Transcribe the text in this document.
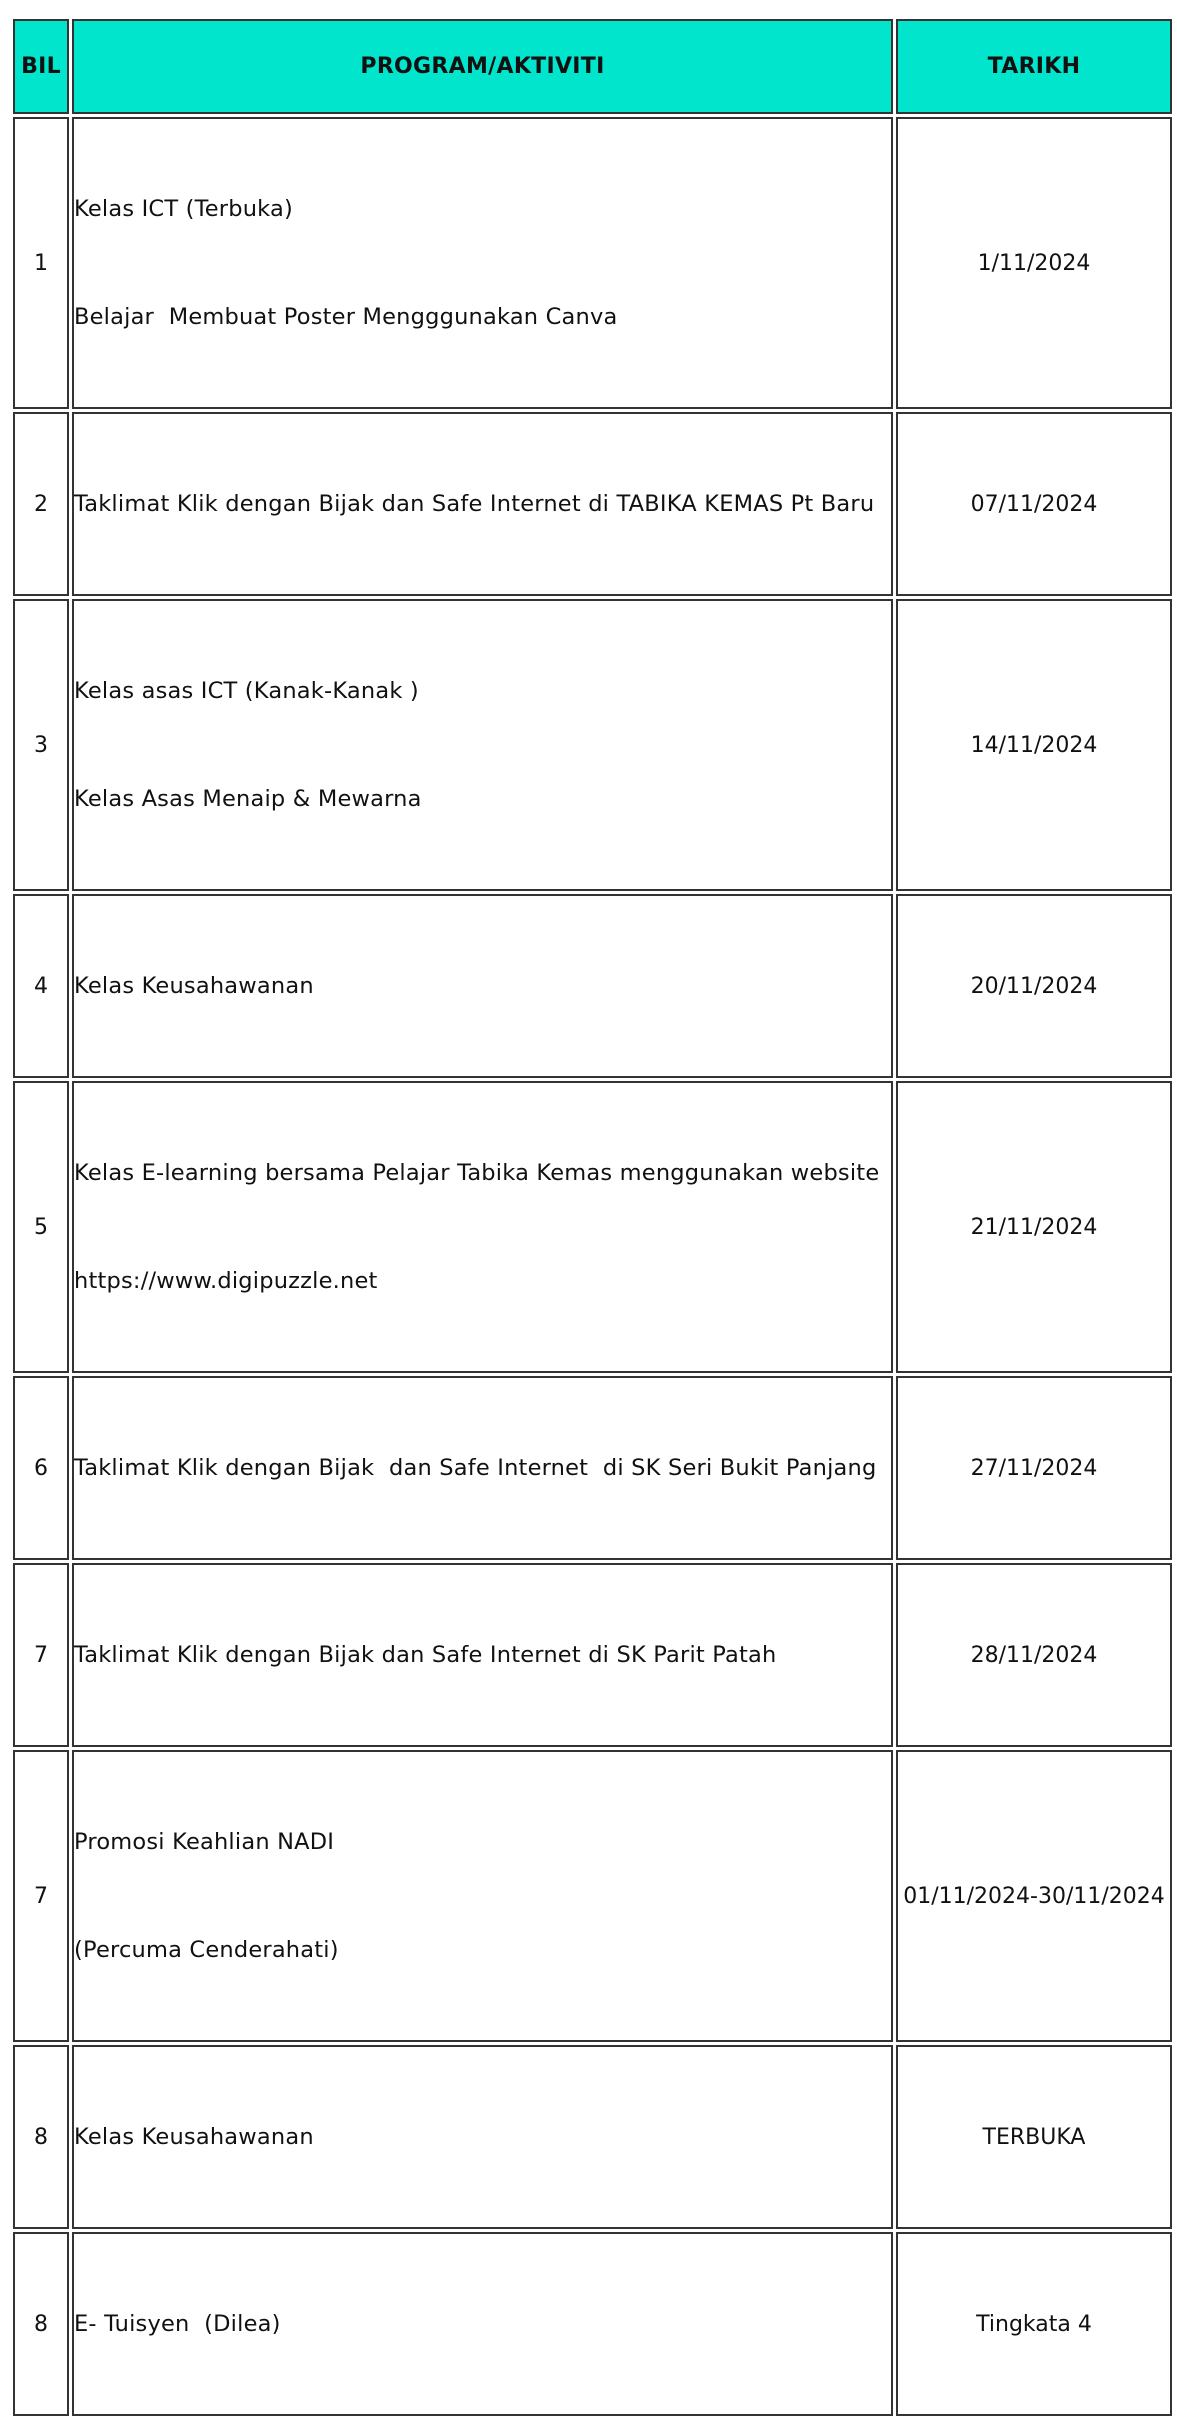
BIL	PROGRAM/AKTIVITI	TARIKH
1	Kelas ICT (Terbuka)

Belajar  Membuat Poster Mengggunakan Canva	1/11/2024
2	Taklimat Klik dengan Bijak dan Safe Internet di TABIKA KEMAS Pt Baru	07/11/2024
3	Kelas asas ICT (Kanak-Kanak )

Kelas Asas Menaip & Mewarna	14/11/2024
4	Kelas Keusahawanan	20/11/2024
5	Kelas E-learning bersama Pelajar Tabika Kemas menggunakan website

https://www.digipuzzle.net	21/11/2024
6	Taklimat Klik dengan Bijak  dan Safe Internet  di SK Seri Bukit Panjang	27/11/2024
7	Taklimat Klik dengan Bijak dan Safe Internet di SK Parit Patah	28/11/2024
7	Promosi Keahlian NADI

(Percuma Cenderahati)	01/11/2024-30/11/2024
8	Kelas Keusahawanan	TERBUKA
8	E- Tuisyen  (Dilea)	Tingkata 4
